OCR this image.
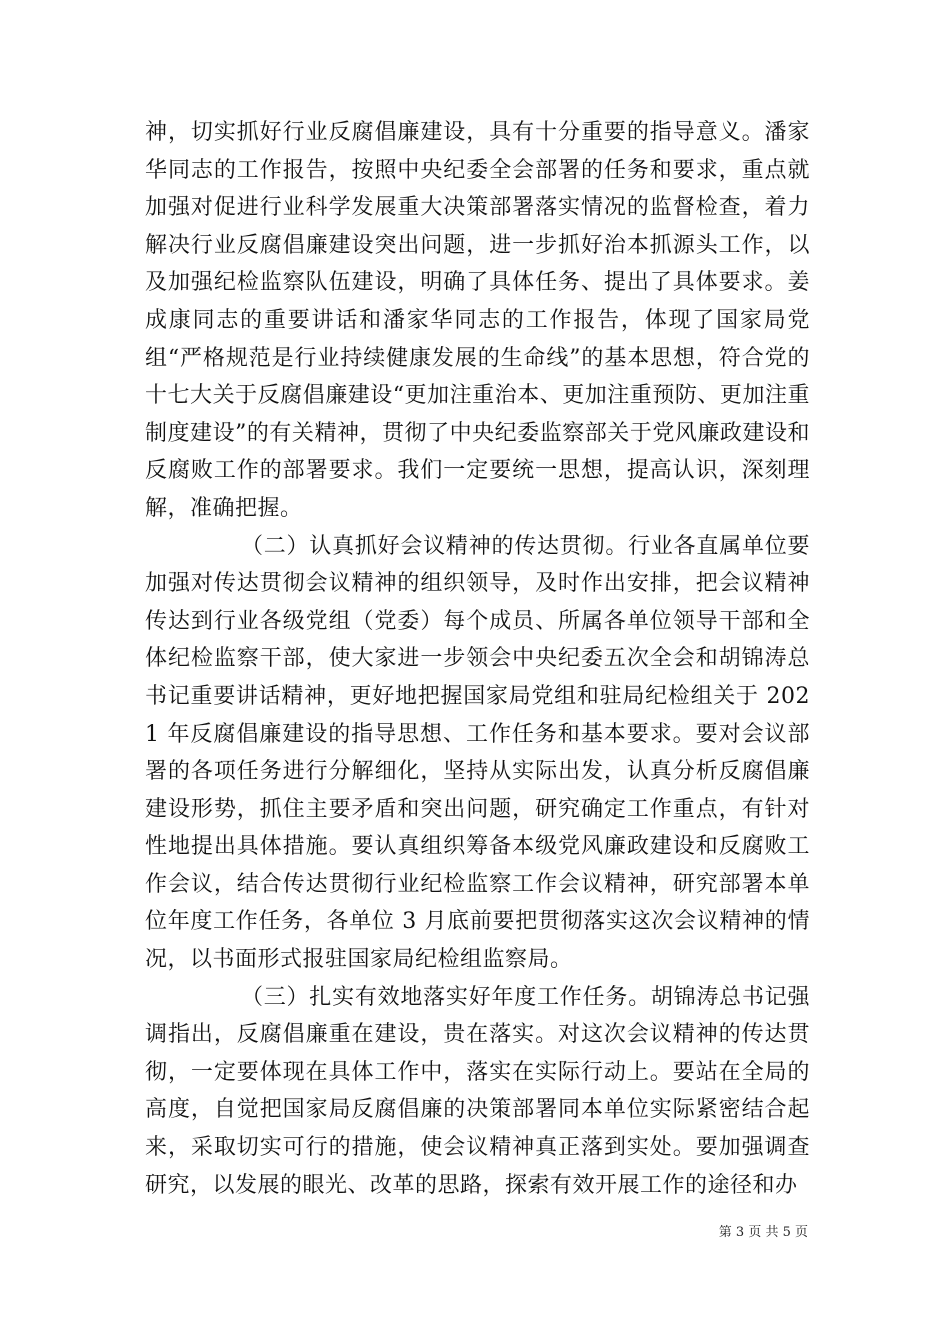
神，切实抓好行业反腐倡廉建设，具有十分重要的指导意义。潘家华同志的工作报告，按照中央纪委全会部署的任务和要求，重点就加强对促进行业科学发展重大决策部署落实情况的监督检查，着力解决行业反腐倡廉建设突出问题，进一步抓好治本抓源头工作，以及加强纪检监察队伍建设，明确了具体任务、提出了具体要求。姜成康同志的重要讲话和潘家华同志的工作报告，体现了国家局党组“严格规范是行业持续健康发展的生命线”的基本思想，符合党的十七大关于反腐倡廉建设“更加注重治本、更加注重预防、更加注重制度建设”的有关精神，贯彻了中央纪委监察部关于党风廉政建设和反腐败工作的部署要求。我们一定要统一思想，提高认识，深刻理解，准确把握。

（二）认真抓好会议精神的传达贯彻。行业各直属单位要加强对传达贯彻会议精神的组织领导，及时作出安排，把会议精神传达到行业各级党组（党委）每个成员、所属各单位领导干部和全体纪检监察干部，使大家进一步领会中央纪委五次全会和胡锦涛总书记重要讲话精神，更好地把握国家局党组和驻局纪检组关于 2021 年反腐倡廉建设的指导思想、工作任务和基本要求。要对会议部署的各项任务进行分解细化，坚持从实际出发，认真分析反腐倡廉建设形势，抓住主要矛盾和突出问题，研究确定工作重点，有针对性地提出具体措施。要认真组织筹备本级党风廉政建设和反腐败工作会议，结合传达贯彻行业纪检监察工作会议精神，研究部署本单位年度工作任务，各单位 3 月底前要把贯彻落实这次会议精神的情况，以书面形式报驻国家局纪检组监察局。

（三）扎实有效地落实好年度工作任务。胡锦涛总书记强调指出，反腐倡廉重在建设，贵在落实。对这次会议精神的传达贯彻，一定要体现在具体工作中，落实在实际行动上。要站在全局的高度，自觉把国家局反腐倡廉的决策部署同本单位实际紧密结合起来，采取切实可行的措施，使会议精神真正落到实处。要加强调查研究，以发展的眼光、改革的思路，探索有效开展工作的途径和办

第 3 页 共 5 页
